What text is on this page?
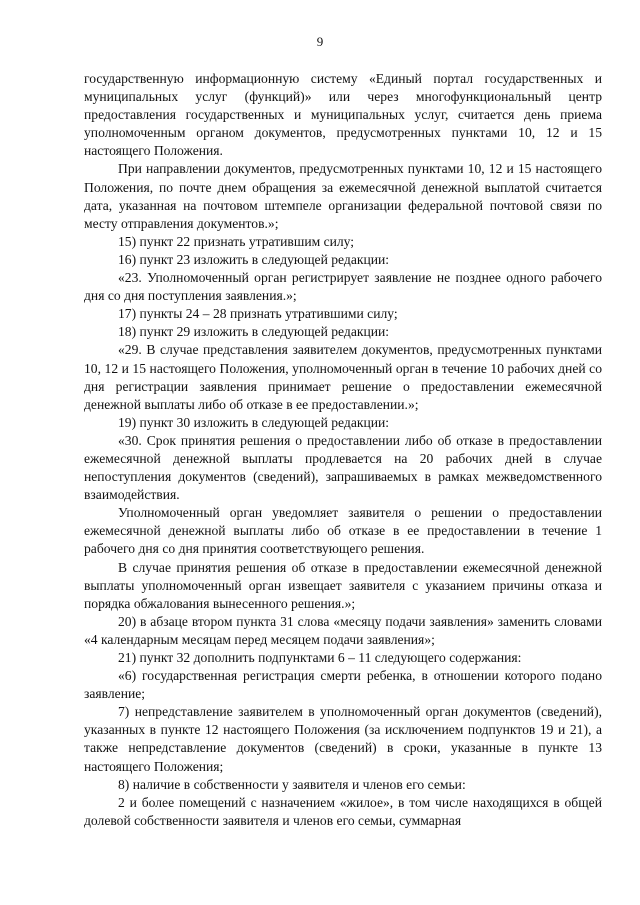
9

государственную информационную систему «Единый портал государственных и муниципальных услуг (функций)» или через многофункциональный центр предоставления государственных и муниципальных услуг, считается день приема уполномоченным органом документов, предусмотренных пунктами 10, 12 и 15 настоящего Положения.

При направлении документов, предусмотренных пунктами 10, 12 и 15 настоящего Положения, по почте днем обращения за ежемесячной денежной выплатой считается дата, указанная на почтовом штемпеле организации федеральной почтовой связи по месту отправления документов.»;

15) пункт 22 признать утратившим силу;

16) пункт 23 изложить в следующей редакции:

«23. Уполномоченный орган регистрирует заявление не позднее одного рабочего дня со дня поступления заявления.»;

17) пункты 24 – 28 признать утратившими силу;

18) пункт 29 изложить в следующей редакции:

«29. В случае представления заявителем документов, предусмотренных пунктами 10, 12 и 15 настоящего Положения, уполномоченный орган в течение 10 рабочих дней со дня регистрации заявления принимает решение о предоставлении ежемесячной денежной выплаты либо об отказе в ее предоставлении.»;

19) пункт 30 изложить в следующей редакции:

«30. Срок принятия решения о предоставлении либо об отказе в предоставлении ежемесячной денежной выплаты продлевается на 20 рабочих дней в случае непоступления документов (сведений), запрашиваемых в рамках межведомственного взаимодействия.

Уполномоченный орган уведомляет заявителя о решении о предоставлении ежемесячной денежной выплаты либо об отказе в ее предоставлении в течение 1 рабочего дня со дня принятия соответствующего решения.

В случае принятия решения об отказе в предоставлении ежемесячной денежной выплаты уполномоченный орган извещает заявителя с указанием причины отказа и порядка обжалования вынесенного решения.»;

20) в абзаце втором пункта 31 слова «месяцу подачи заявления» заменить словами «4 календарным месяцам перед месяцем подачи заявления»;

21) пункт 32 дополнить подпунктами 6 – 11 следующего содержания:

«6) государственная регистрация смерти ребенка, в отношении которого подано заявление;

7) непредставление заявителем в уполномоченный орган документов (сведений), указанных в пункте 12 настоящего Положения (за исключением подпунктов 19 и 21), а также непредставление документов (сведений) в сроки, указанные в пункте 13 настоящего Положения;

8) наличие в собственности у заявителя и членов его семьи:

2 и более помещений с назначением «жилое», в том числе находящихся в общей долевой собственности заявителя и членов его семьи, суммарная
